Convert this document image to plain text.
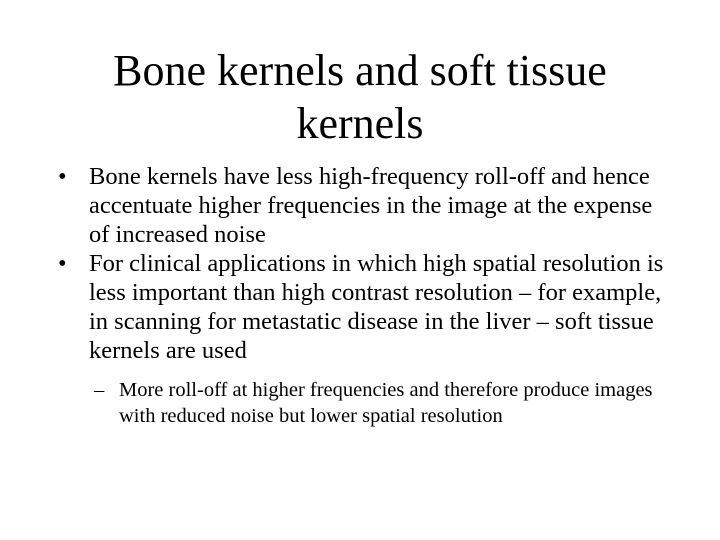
Bone kernels and soft tissue kernels
• Bone kernels have less high-frequency roll-off and hence accentuate higher frequencies in the image at the expense of increased noise
• For clinical applications in which high spatial resolution is less important than high contrast resolution – for example, in scanning for metastatic disease in the liver – soft tissue kernels are used
– More roll-off at higher frequencies and therefore produce images with reduced noise but lower spatial resolution
